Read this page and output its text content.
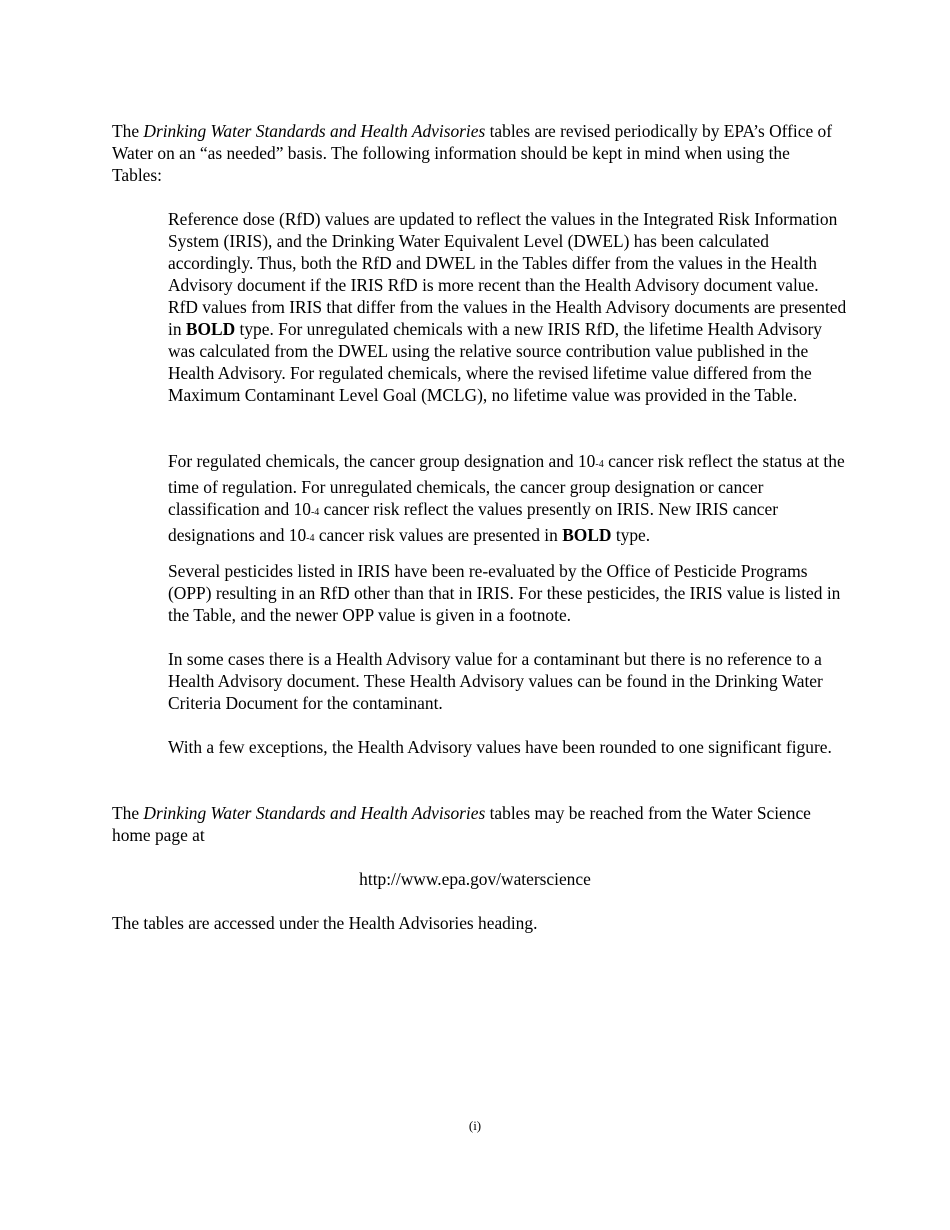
The Drinking Water Standards and Health Advisories tables are revised periodically by EPA’s Office of Water on an “as needed” basis. The following information should be kept in mind when using the Tables:

Reference dose (RfD) values are updated to reflect the values in the Integrated Risk Information System (IRIS), and the Drinking Water Equivalent Level (DWEL) has been calculated accordingly. Thus, both the RfD and DWEL in the Tables differ from the values in the Health Advisory document if the IRIS RfD is more recent than the Health Advisory document value. RfD values from IRIS that differ from the values in the Health Advisory documents are presented in BOLD type. For unregulated chemicals with a new IRIS RfD, the lifetime Health Advisory was calculated from the DWEL using the relative source contribution value published in the Health Advisory. For regulated chemicals, where the revised lifetime value differed from the Maximum Contaminant Level Goal (MCLG), no lifetime value was provided in the Table.

For regulated chemicals, the cancer group designation and 10-4 cancer risk reflect the status at the time of regulation. For unregulated chemicals, the cancer group designation or cancer classification and 10-4 cancer risk reflect the values presently on IRIS. New IRIS cancer designations and 10-4 cancer risk values are presented in BOLD type.

Several pesticides listed in IRIS have been re-evaluated by the Office of Pesticide Programs (OPP) resulting in an RfD other than that in IRIS. For these pesticides, the IRIS value is listed in the Table, and the newer OPP value is given in a footnote.

In some cases there is a Health Advisory value for a contaminant but there is no reference to a Health Advisory document. These Health Advisory values can be found in the Drinking Water Criteria Document for the contaminant.

With a few exceptions, the Health Advisory values have been rounded to one significant figure.

The Drinking Water Standards and Health Advisories tables may be reached from the Water Science home page at

http://www.epa.gov/waterscience

The tables are accessed under the Health Advisories heading.

(i)
